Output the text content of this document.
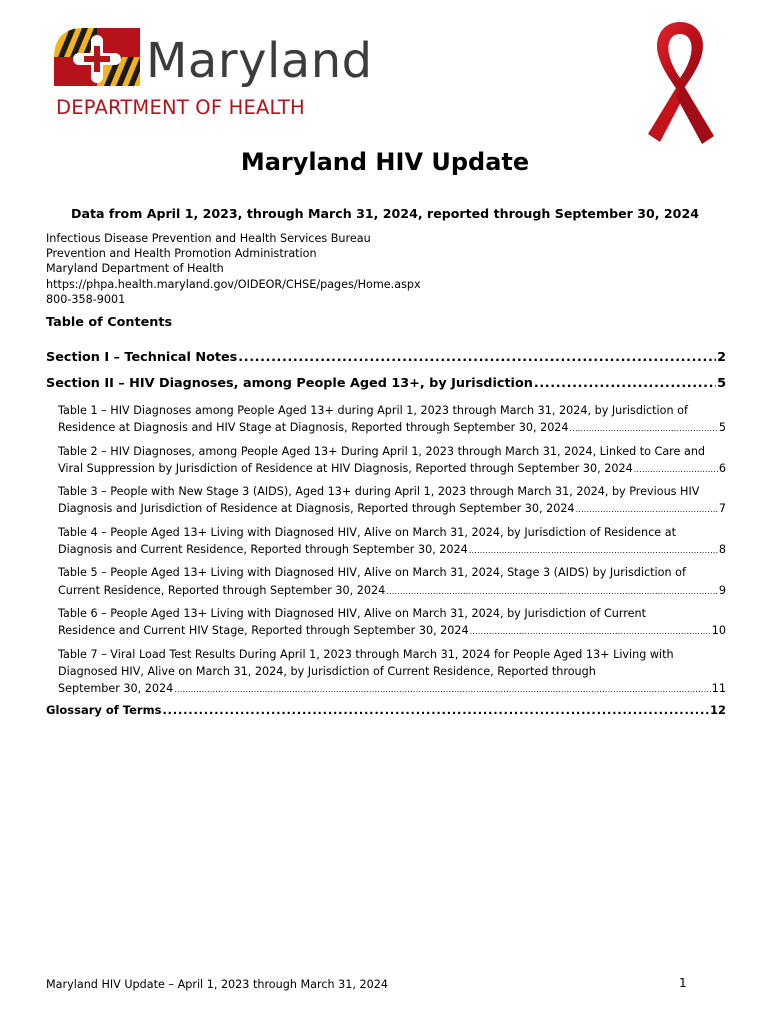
Maryland
DEPARTMENT OF HEALTH
Maryland HIV Update
Data from April 1, 2023, through March 31, 2024, reported through September 30, 2024
Infectious Disease Prevention and Health Services Bureau
Prevention and Health Promotion Administration
Maryland Department of Health
https://phpa.health.maryland.gov/OIDEOR/CHSE/pages/Home.aspx
800-358-9001
Table of Contents
Section I – Technical Notes .....	2
Section II – HIV Diagnoses, among People Aged 13+, by Jurisdiction .....	5
Table 1 – HIV Diagnoses among People Aged 13+ during April 1, 2023 through March 31, 2024, by Jurisdiction of
Residence at Diagnosis and HIV Stage at Diagnosis, Reported through September 30, 2024 .....	5
Table 2 – HIV Diagnoses, among People Aged 13+ During April 1, 2023 through March 31, 2024, Linked to Care and
Viral Suppression by Jurisdiction of Residence at HIV Diagnosis, Reported through September 30, 2024 .....	6
Table 3 – People with New Stage 3 (AIDS), Aged 13+ during April 1, 2023 through March 31, 2024, by Previous HIV
Diagnosis and Jurisdiction of Residence at Diagnosis, Reported through September 30, 2024 .....	7
Table 4 – People Aged 13+ Living with Diagnosed HIV, Alive on March 31, 2024, by Jurisdiction of Residence at
Diagnosis and Current Residence, Reported through September 30, 2024 .....	8
Table 5 – People Aged 13+ Living with Diagnosed HIV, Alive on March 31, 2024, Stage 3 (AIDS) by Jurisdiction of
Current Residence, Reported through September 30, 2024 .....	9
Table 6 – People Aged 13+ Living with Diagnosed HIV, Alive on March 31, 2024, by Jurisdiction of Current
Residence and Current HIV Stage, Reported through September 30, 2024 .....	10
Table 7 – Viral Load Test Results During April 1, 2023 through March 31, 2024 for People Aged 13+ Living with
Diagnosed HIV, Alive on March 31, 2024, by Jurisdiction of Current Residence, Reported through
September 30, 2024 .....	11
Glossary of Terms .....	12
Maryland HIV Update – April 1, 2023 through March 31, 2024	1
